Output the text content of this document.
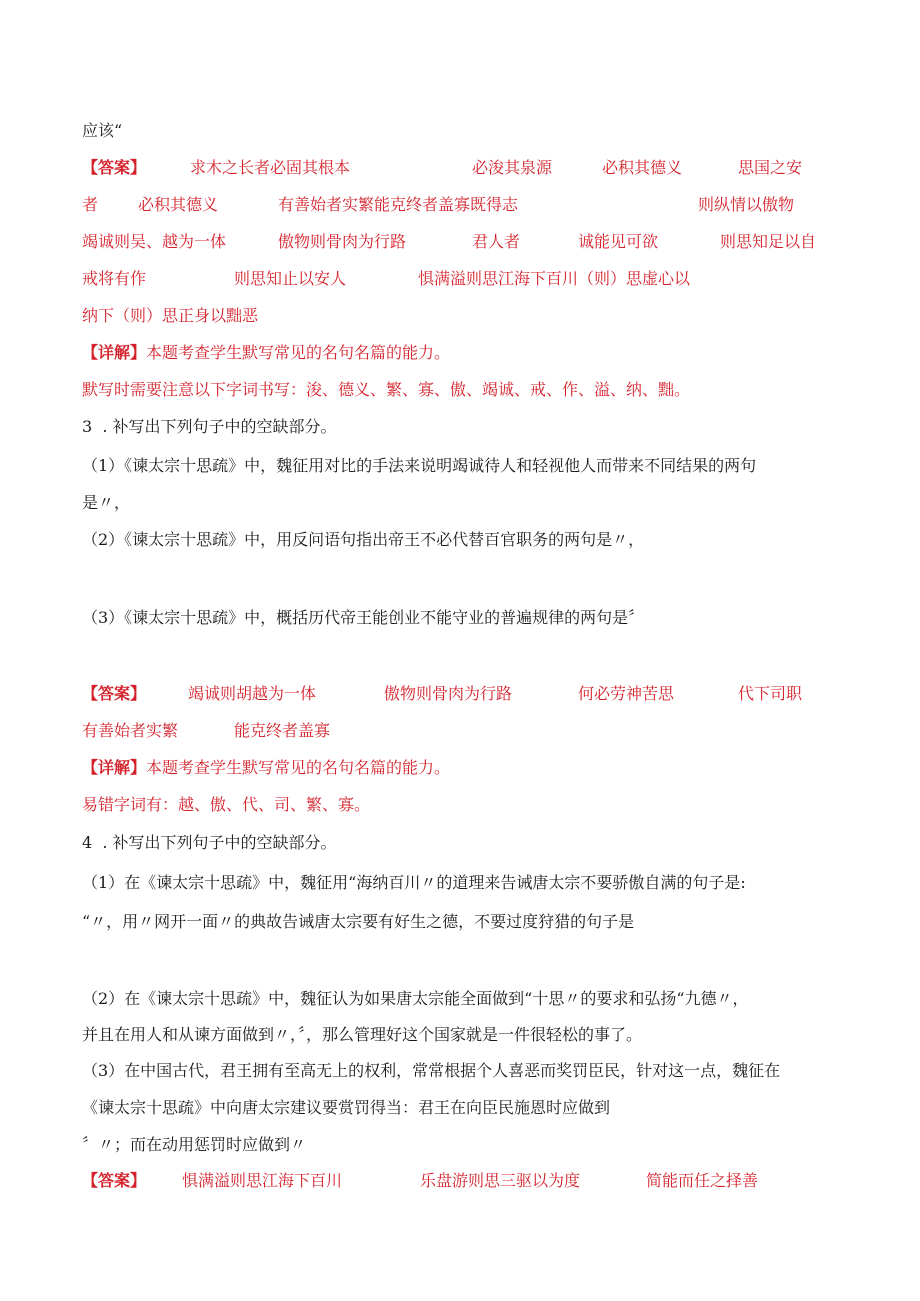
应该“

【答案】

	求木之长者必固其根本

	必浚其泉源

	必积其德义

	思国之安

者

必积其德义

	有善始者实繁能克终者盖寡既得志

	则纵情以傲物

竭诚则吴、越为一体

	傲物则骨肉为行路

	君人者

	诚能见可欲

	则思知足以自

戒将有作

	则思知止以安人

	惧满溢则思江海下百川（则）思虚心以

纳下（则）思正身以黜恶
【详解】本题考查学生默写常见的名句名篇的能力。
默写时需要注意以下字词书写：浚、德义、繁、寡、傲、竭诚、戒、作、溢、纳、黜。
3  . 补写出下列句子中的空缺部分。
（1）《谏太宗十思疏》中，魏征用对比的手法来说明竭诚待人和轻视他人而带来不同结果的两句
是〃，
（2）《谏太宗十思疏》中，用反问语句指出帝王不必代替百官职务的两句是〃，
（3）《谏太宗十思疏》中，概括历代帝王能创业不能守业的普遍规律的两句是〞

【答案】

	竭诚则胡越为一体

	傲物则骨肉为行路

	何必劳神苦思

	代下司职

有善始者实繁

	能克终者盖寡

【详解】本题考查学生默写常见的名句名篇的能力。
易错字词有：越、傲、代、司、繁、寡。
4  . 补写出下列句子中的空缺部分。
（1）在《谏太宗十思疏》中，魏征用“海纳百川〃的道理来告诫唐太宗不要骄傲自满的句子是:
“〃，用〃网开一面〃的典故告诫唐太宗要有好生之德，不要过度狩猎的句子是
（2）在《谏太宗十思疏》中，魏征认为如果唐太宗能全面做到“十思〃的要求和弘扬“九德〃，
并且在用人和从谏方面做到〃，〞，那么管理好这个国家就是一件很轻松的事了。
（3）在中国古代，君王拥有至高无上的权利，常常根据个人喜恶而奖罚臣民，针对这一点，魏征在
《谏太宗十思疏》中向唐太宗建议要赏罚得当：君王在向臣民施恩时应做到
〞〃；而在动用惩罚时应做到〃

【答案】

惧满溢则思江海下百川

	乐盘游则思三驱以为度

	简能而任之择善
